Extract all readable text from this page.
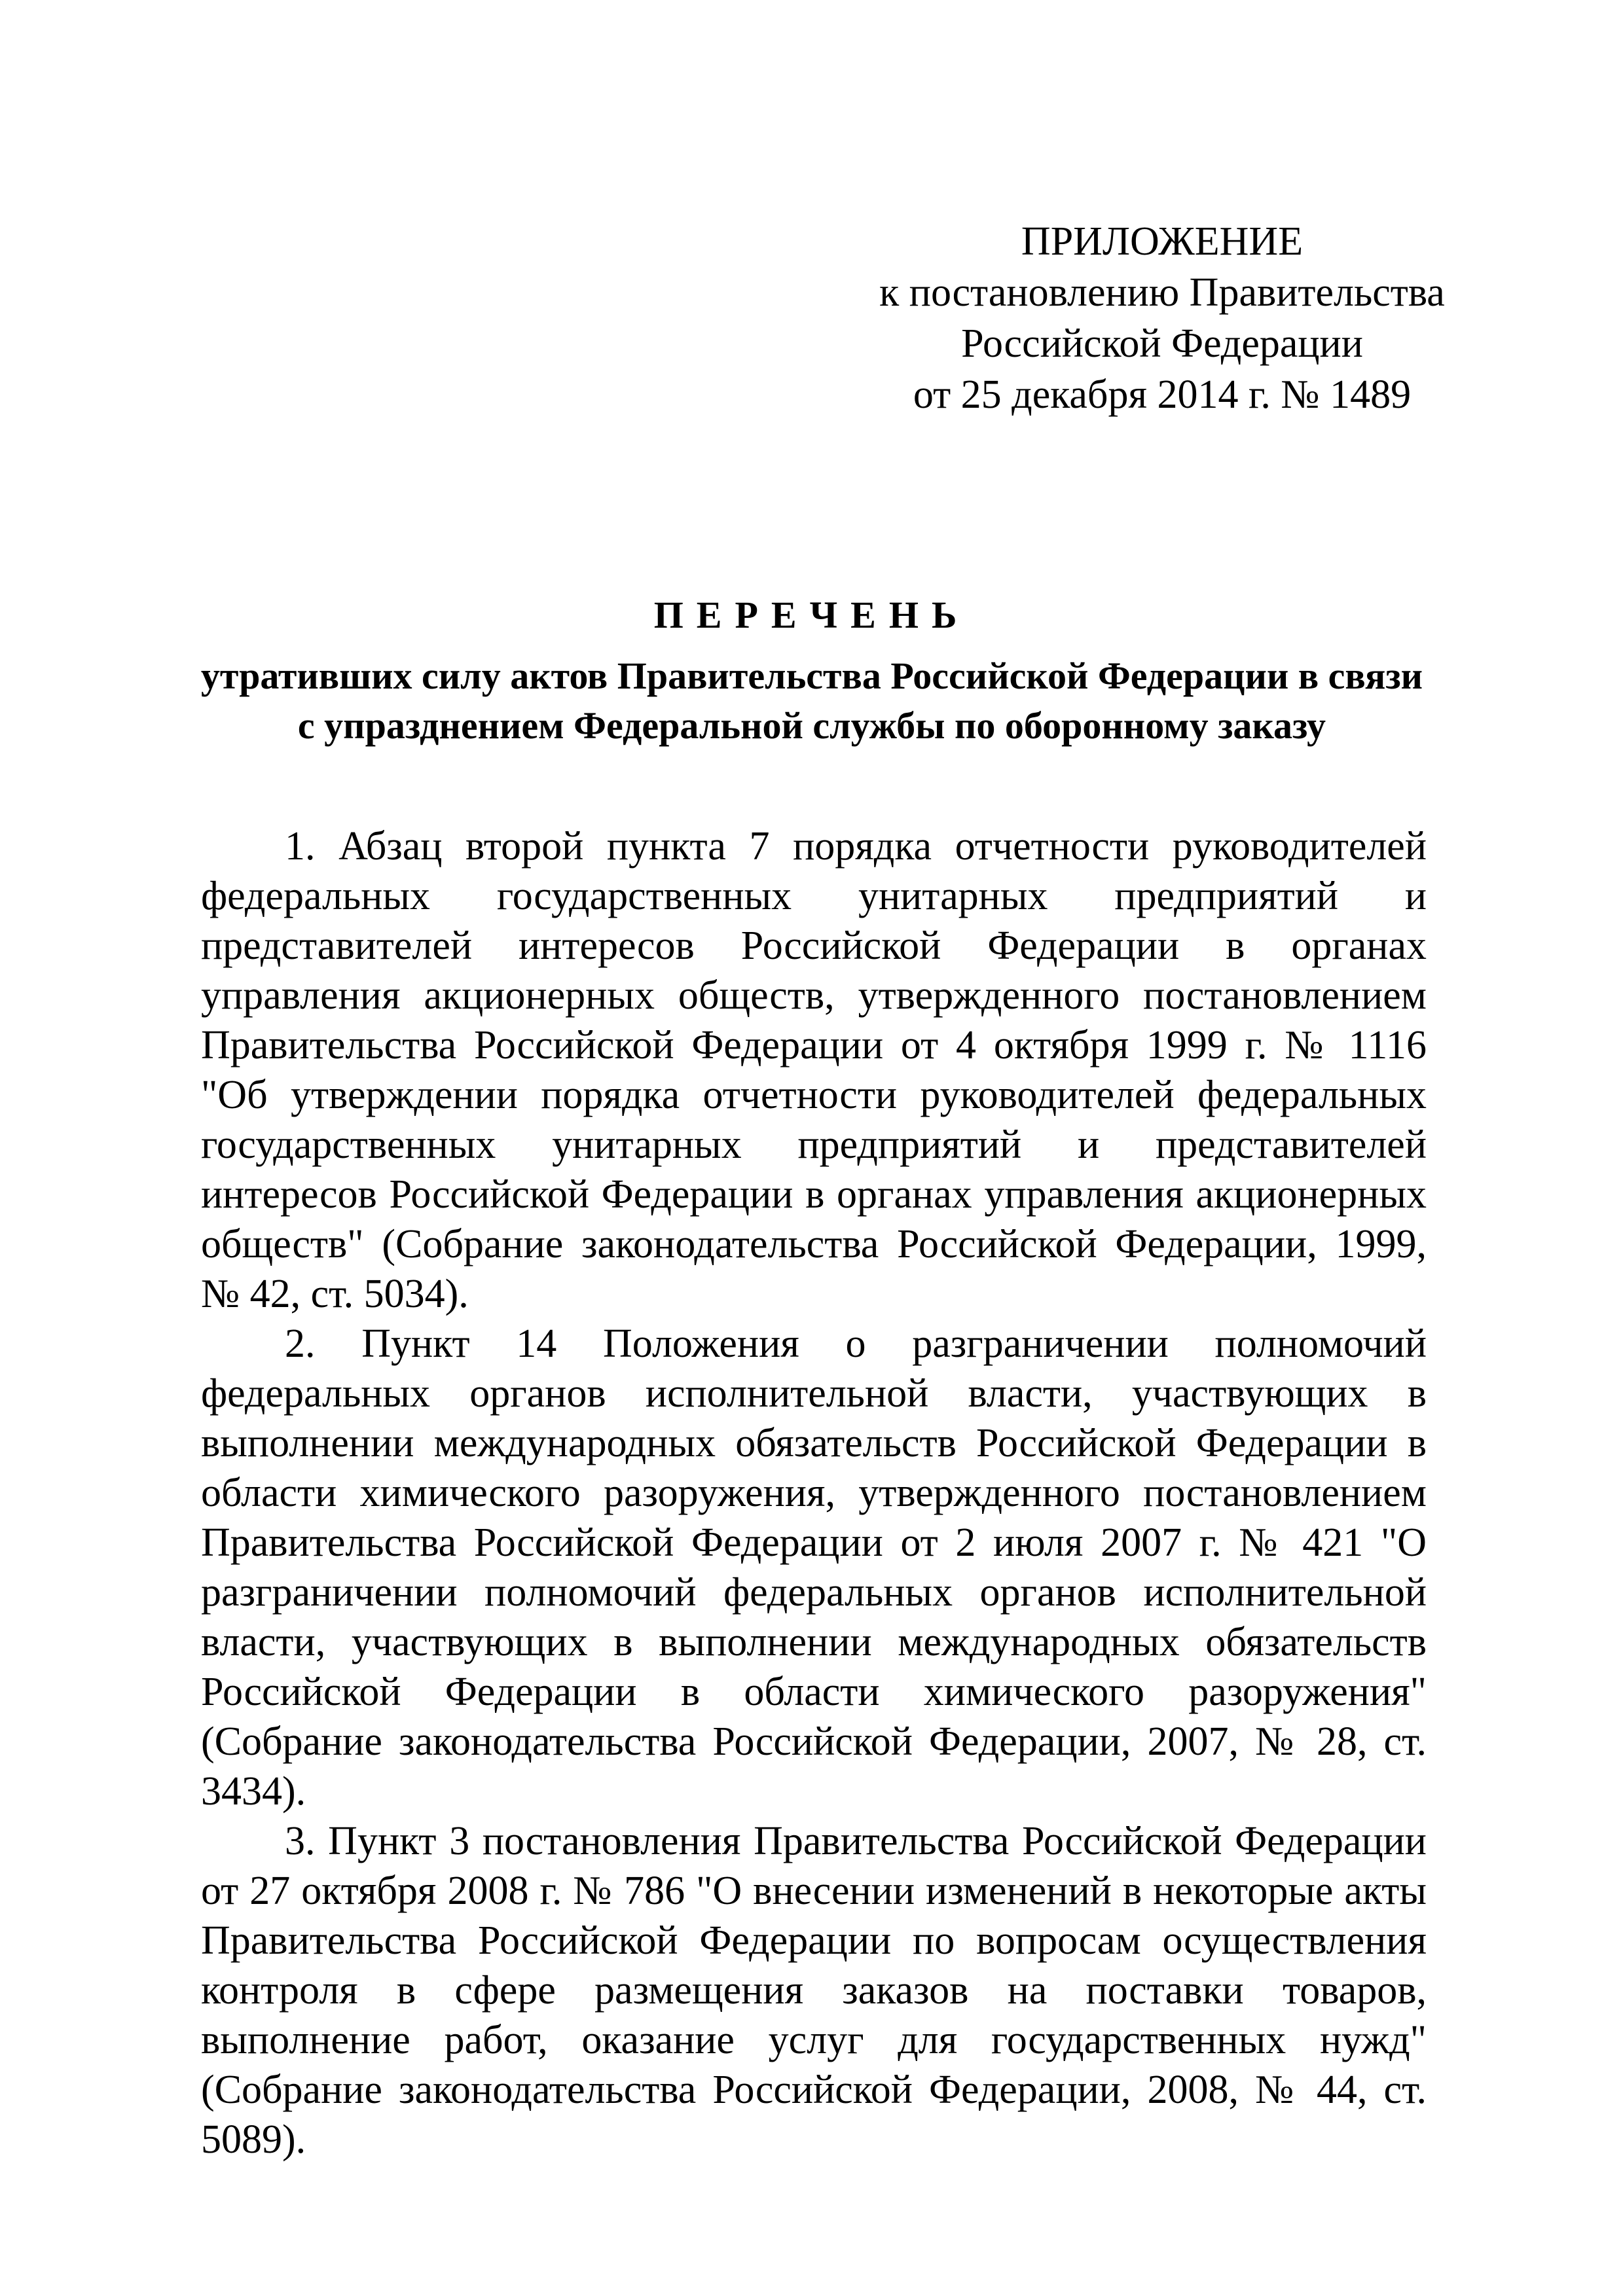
ПРИЛОЖЕНИЕ
к постановлению Правительства
Российской Федерации
от 25 декабря 2014 г. № 1489
ПЕРЕЧЕНЬ
утративших силу актов Правительства Российской Федерации в связи
с упразднением Федеральной службы по оборонному заказу

1. Абзац второй пункта 7 порядка отчетности руководителей федеральных государственных унитарных предприятий и представителей интересов Российской Федерации в органах управления акционерных обществ, утвержденного постановлением Правительства Российской Федерации от 4 октября 1999 г. № 1116 "Об утверждении порядка отчетности руководителей федеральных государственных унитарных предприятий и представителей интересов Российской Федерации в органах управления акционерных обществ" (Собрание законодательства Российской Федерации, 1999, № 42, ст. 5034).

2. Пункт 14 Положения о разграничении полномочий федеральных органов исполнительной власти, участвующих в выполнении международных обязательств Российской Федерации в области химического разоружения, утвержденного постановлением Правительства Российской Федерации от 2 июля 2007 г. № 421 "О разграничении полномочий федеральных органов исполнительной власти, участвующих в выполнении международных обязательств Российской Федерации в области химического разоружения" (Собрание законодательства Российской Федерации, 2007, № 28, ст. 3434).

3. Пункт 3 постановления Правительства Российской Федерации от 27 октября 2008 г. № 786 "О внесении изменений в некоторые акты Правительства Российской Федерации по вопросам осуществления контроля в сфере размещения заказов на поставки товаров, выполнение работ, оказание услуг для государственных нужд" (Собрание законодательства Российской Федерации, 2008, № 44, ст. 5089).
